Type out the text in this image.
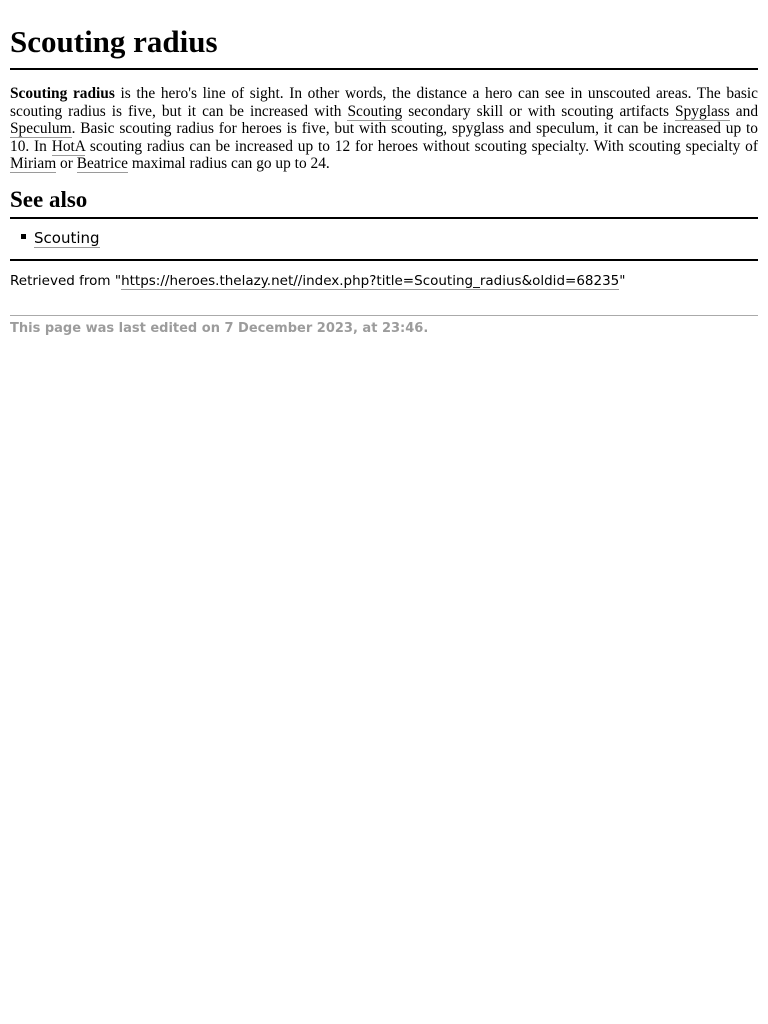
Scouting radius
Scouting radius is the hero's line of sight. In other words, the distance a hero can see in unscouted areas. The basic scouting radius is five, but it can be increased with Scouting secondary skill or with scouting artifacts Spyglass and Speculum. Basic scouting radius for heroes is five, but with scouting, spyglass and speculum, it can be increased up to 10. In HotA scouting radius can be increased up to 12 for heroes without scouting specialty. With scouting specialty of Miriam or Beatrice maximal radius can go up to 24.
See also
Scouting
Retrieved from "https://heroes.thelazy.net//index.php?title=Scouting_radius&oldid=68235"
This page was last edited on 7 December 2023, at 23:46.
